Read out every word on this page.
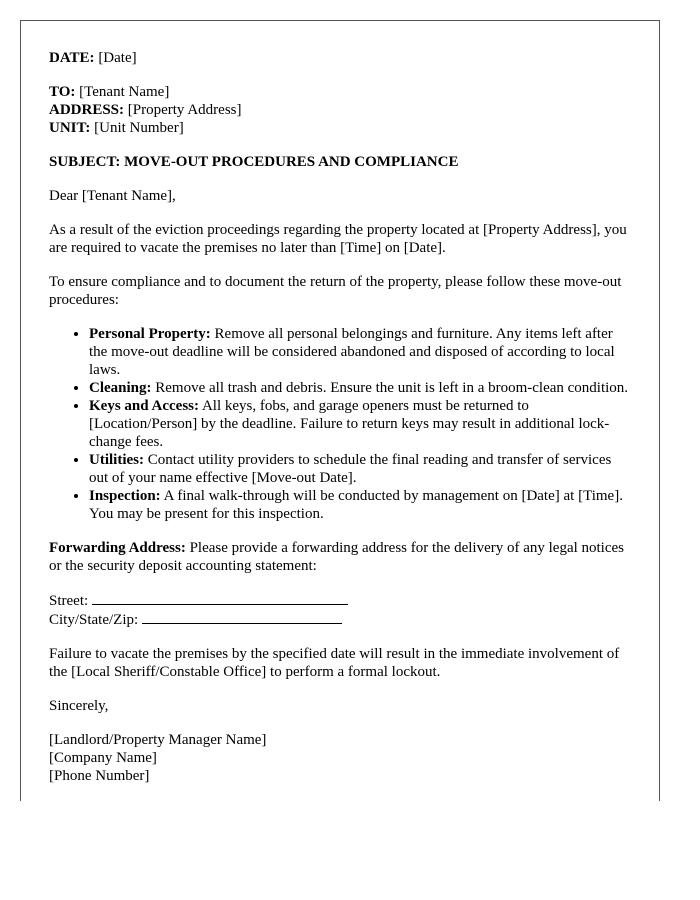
DATE: [Date]

TO: [Tenant Name]
ADDRESS: [Property Address]
UNIT: [Unit Number]

SUBJECT: MOVE-OUT PROCEDURES AND COMPLIANCE

Dear [Tenant Name],

As a result of the eviction proceedings regarding the property located at [Property Address], you are required to vacate the premises no later than [Time] on [Date].

To ensure compliance and to document the return of the property, please follow these move-out procedures:

• Personal Property: Remove all personal belongings and furniture. Any items left after the move-out deadline will be considered abandoned and disposed of according to local laws.
• Cleaning: Remove all trash and debris. Ensure the unit is left in a broom-clean condition.
• Keys and Access: All keys, fobs, and garage openers must be returned to [Location/Person] by the deadline. Failure to return keys may result in additional lock-change fees.
• Utilities: Contact utility providers to schedule the final reading and transfer of services out of your name effective [Move-out Date].
• Inspection: A final walk-through will be conducted by management on [Date] at [Time]. You may be present for this inspection.

Forwarding Address: Please provide a forwarding address for the delivery of any legal notices or the security deposit accounting statement:

Street:
City/State/Zip:

Failure to vacate the premises by the specified date will result in the immediate involvement of the [Local Sheriff/Constable Office] to perform a formal lockout.

Sincerely,

[Landlord/Property Manager Name]
[Company Name]
[Phone Number]
